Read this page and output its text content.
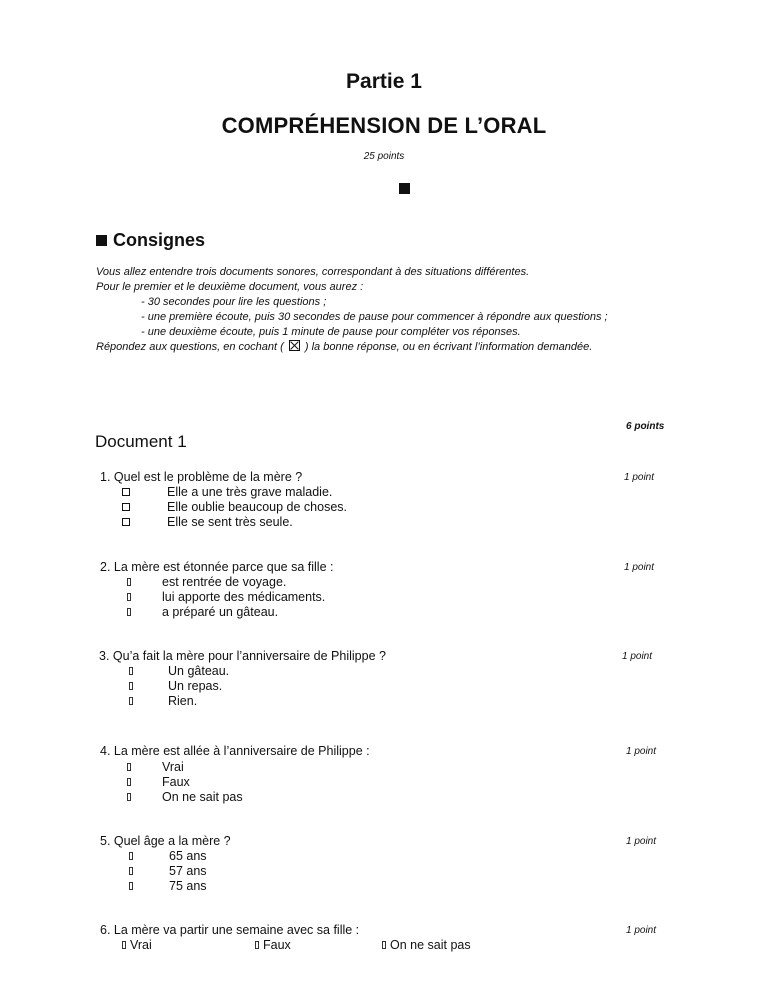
Partie 1
COMPRÉHENSION DE L’ORAL
25 points
Consignes
Vous allez entendre trois documents sonores, correspondant à des situations différentes.
Pour le premier et le deuxième document, vous aurez :
- 30 secondes pour lire les questions ;
- une première écoute, puis 30 secondes de pause pour commencer à répondre aux questions ;
- une deuxième écoute, puis 1 minute de pause pour compléter vos réponses.
Répondez aux questions, en cochant ( ) la bonne réponse, ou en écrivant l’information demandée.
6 points
Document 1
1. Quel est le problème de la mère ?	1 point
Elle a une très grave maladie.
Elle oublie beaucoup de choses.
Elle se sent très seule.
2. La mère est étonnée parce que sa fille :	1 point
est rentrée de voyage.
lui apporte des médicaments.
a préparé un gâteau.
3. Qu’a fait la mère pour l’anniversaire de Philippe ?	1 point
Un gâteau.
Un repas.
Rien.
4. La mère est allée à l’anniversaire de Philippe :	1 point
Vrai
Faux
On ne sait pas
5. Quel âge a la mère ?	1 point
65 ans
57 ans
75 ans
6. La mère va partir une semaine avec sa fille :	1 point
Vrai	Faux	On ne sait pas
